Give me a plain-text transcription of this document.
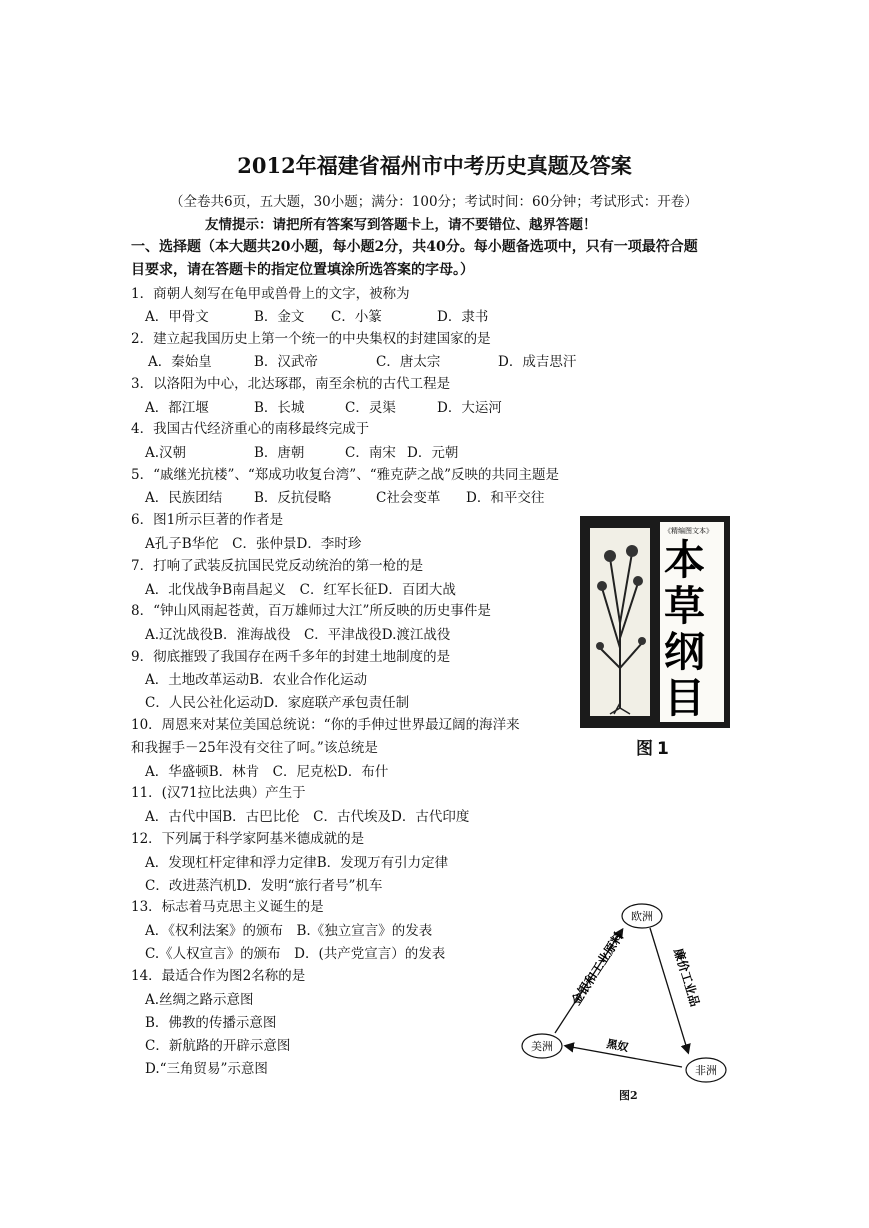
2012年福建省福州市中考历史真题及答案
（全卷共6页，五大题，30小题；满分：100分；考试时间：60分钟；考试形式：开卷）
友情提示：请把所有答案写到答题卡上，请不要错位、越界答题！
一、选择题（本大题共20小题，每小题2分，共40分。每小题备选项中，只有一项最符合题
目要求，请在答题卡的指定位置填涂所选答案的字母。）
1．商朝人刻写在龟甲或兽骨上的文字，被称为
A．甲骨文	B．金文 C．小篆	D．隶书
2．建立起我国历史上第一个统一的中央集权的封建国家的是
A．秦始皇	B．汉武帝	C．唐太宗	D．成吉思汗
3．以洛阳为中心，北达琢郡，南至余杭的古代工程是
A．都江堰	B．长城	C．灵渠	D．大运河
4．我国古代经济重心的南移最终完成于
A.汉朝	B．唐朝	C．南宋 D．元朝
5．“戚继光抗楼”、“郑成功收复台湾”、“雅克萨之战”反映的共同主题是
A．民族团结 B．反抗侵略	C社会变革 D．和平交往
6．图1所示巨著的作者是
A孔子B华佗　C．张仲景D．李时珍
7．打响了武装反抗国民党反动统治的第一枪的是
A．北伐战争B南昌起义　C．红军长征D．百团大战
8．“钟山风雨起苍黄，百万雄师过大江”所反映的历史事件是
A.辽沈战役B．淮海战役　C．平津战役D.渡江战役
9．彻底摧毁了我国存在两千多年的封建土地制度的是
A．土地改革运动B．农业合作化运动
C．人民公社化运动D．家庭联产承包责任制
10．周恩来对某位美国总统说：“你的手伸过世界最辽阔的海洋来
和我握手－25年没有交往了呵。”该总统是
A．华盛顿B．林肯　C．尼克松D．布什
11．(汉71拉比法典）产生于
A．古代中国B．古巴比伦　C．古代埃及D．古代印度
12．下列属于科学家阿基米德成就的是
A．发现杠杆定律和浮力定律B．发现万有引力定律
C．改进蒸汽机D．发明“旅行者号”机车
13．标志着马克思主义诞生的是
A．《权利法案》的颁布　B.《独立宣言》的发表
C.《人权宣言》的颁布　D．(共产党宣言）的发表
14．最适合作为图2名称的是
A.丝绸之路示意图
B．佛教的传播示意图
C．新航路的开辟示意图
D.“三角贸易”示意图
《精编图文本》
本
草
纲
目
图1
欧洲
美洲
非洲
金银和工业原料	廉价工业品
黑奴
图2
